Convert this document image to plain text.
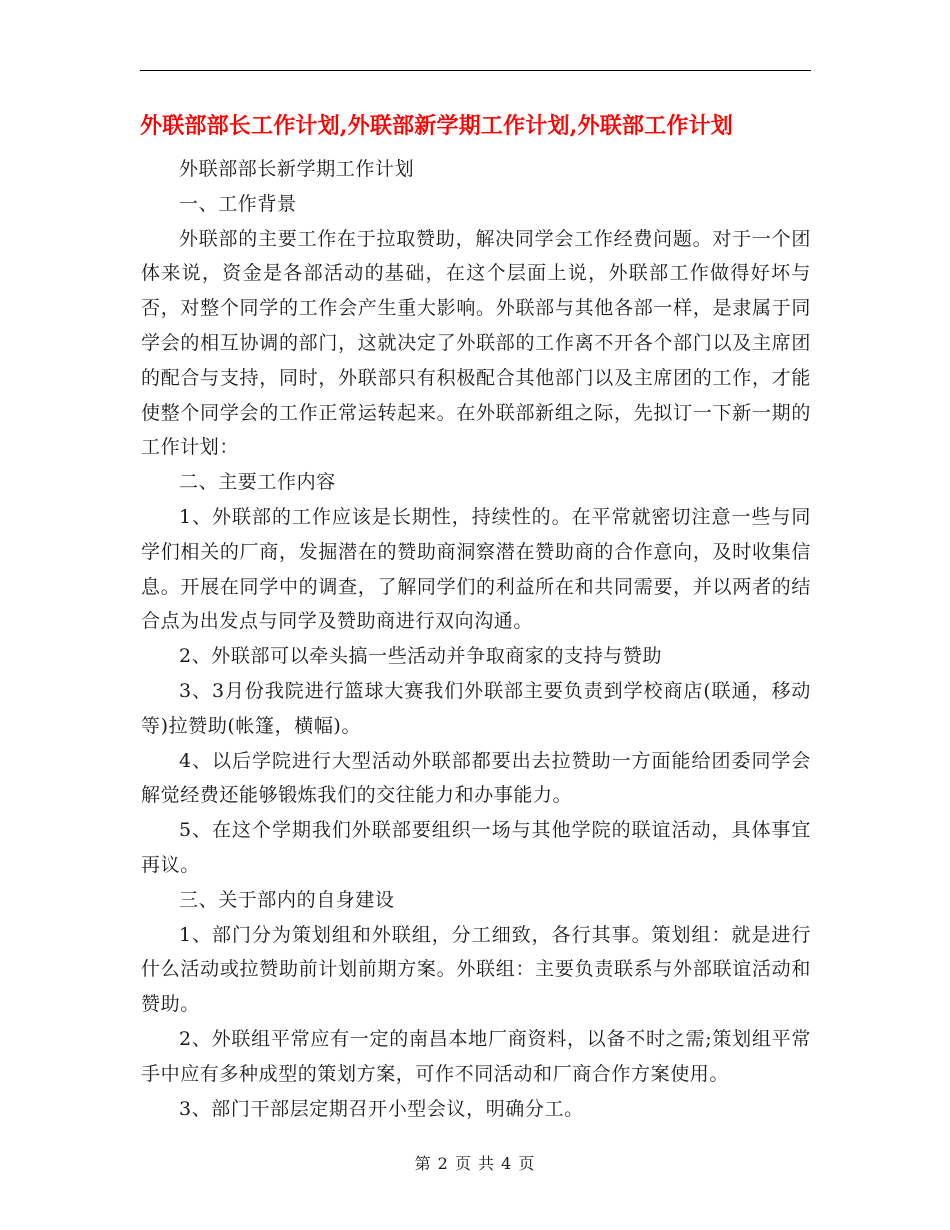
外联部部长工作计划,外联部新学期工作计划,外联部工作计划

外联部部长新学期工作计划

一、工作背景

外联部的主要工作在于拉取赞助，解决同学会工作经费问题。对于一个团体来说，资金是各部活动的基础，在这个层面上说，外联部工作做得好坏与否，对整个同学的工作会产生重大影响。外联部与其他各部一样，是隶属于同学会的相互协调的部门，这就决定了外联部的工作离不开各个部门以及主席团的配合与支持，同时，外联部只有积极配合其他部门以及主席团的工作，才能使整个同学会的工作正常运转起来。在外联部新组之际，先拟订一下新一期的工作计划：

二、主要工作内容

1、外联部的工作应该是长期性，持续性的。在平常就密切注意一些与同学们相关的厂商，发掘潜在的赞助商洞察潜在赞助商的合作意向，及时收集信息。开展在同学中的调查，了解同学们的利益所在和共同需要，并以两者的结合点为出发点与同学及赞助商进行双向沟通。

2、外联部可以牵头搞一些活动并争取商家的支持与赞助

3、3月份我院进行篮球大赛我们外联部主要负责到学校商店(联通，移动等)拉赞助(帐篷，横幅)。

4、以后学院进行大型活动外联部都要出去拉赞助一方面能给团委同学会解觉经费还能够锻炼我们的交往能力和办事能力。

5、在这个学期我们外联部要组织一场与其他学院的联谊活动，具体事宜再议。

三、关于部内的自身建设

1、部门分为策划组和外联组，分工细致，各行其事。策划组：就是进行什么活动或拉赞助前计划前期方案。外联组：主要负责联系与外部联谊活动和赞助。

2、外联组平常应有一定的南昌本地厂商资料，以备不时之需;策划组平常手中应有多种成型的策划方案，可作不同活动和厂商合作方案使用。

3、部门干部层定期召开小型会议，明确分工。

第 2 页 共 4 页
